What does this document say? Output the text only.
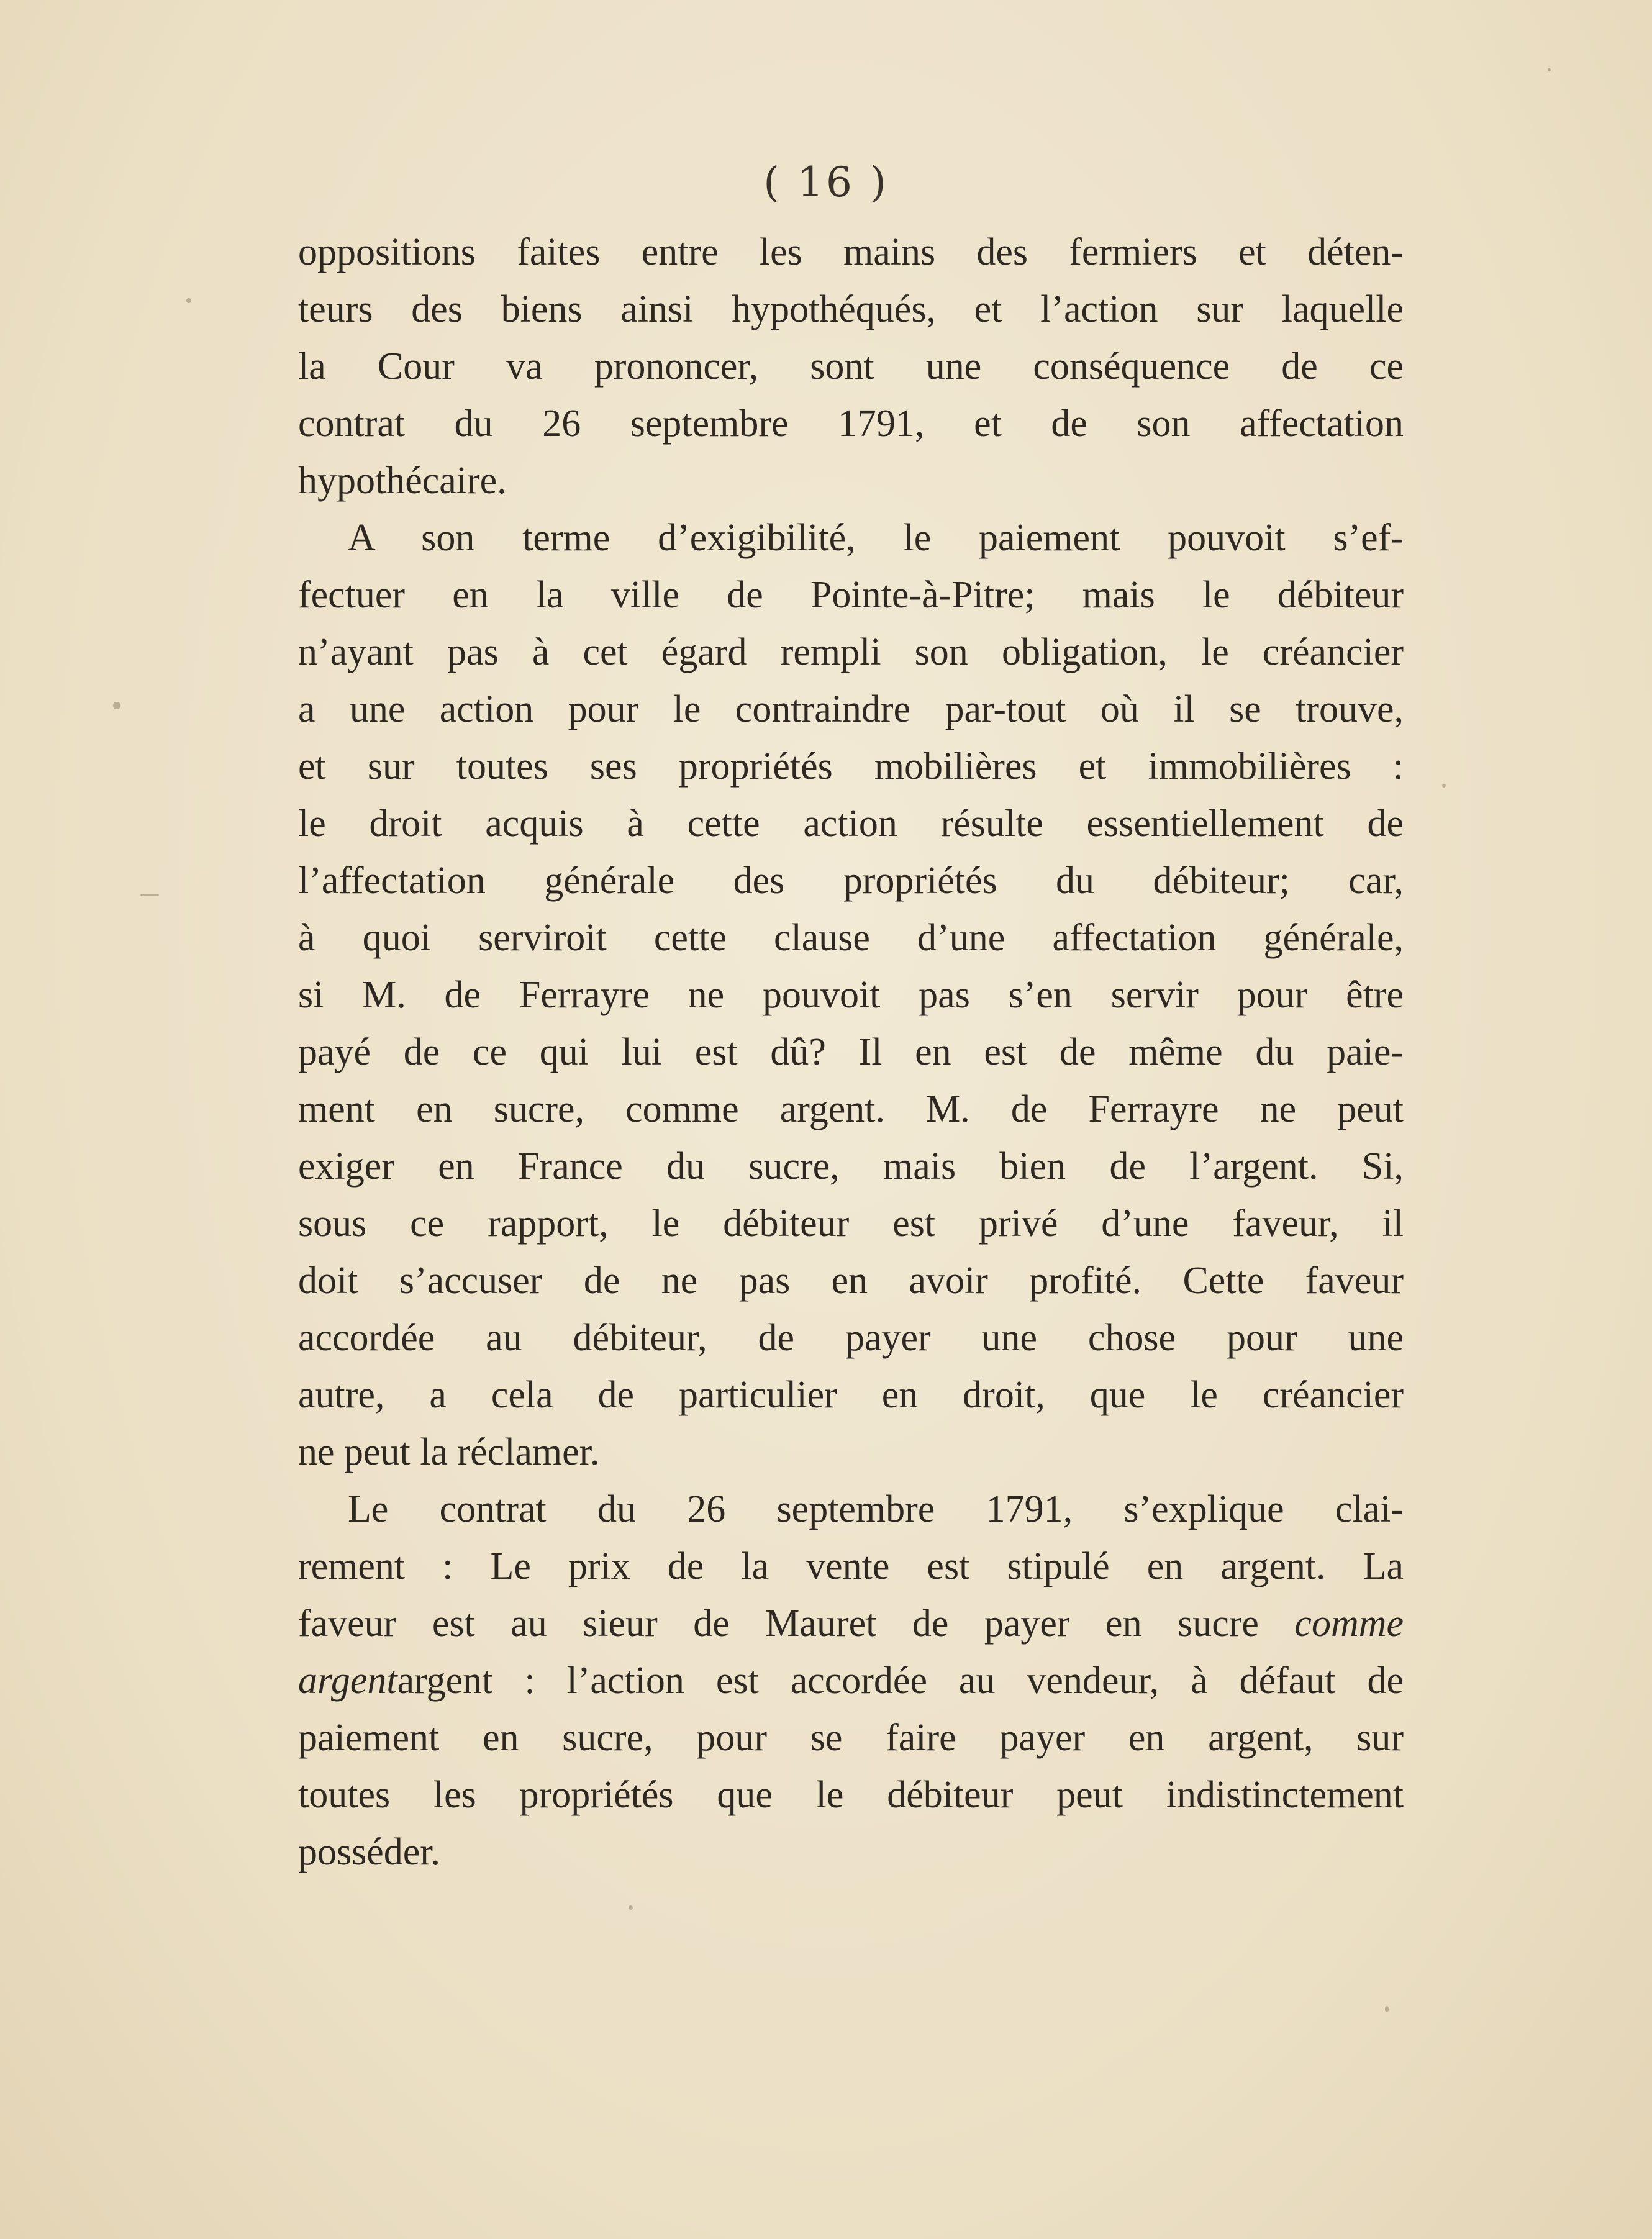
( 16 )
oppositions faites entre les mains des fermiers et déten-
teurs des biens ainsi hypothéqués, et l’action sur laquelle
la Cour va prononcer, sont une conséquence de ce
contrat du 26 septembre 1791, et de son affectation
hypothécaire.
A son terme d’exigibilité, le paiement pouvoit s’ef-
fectuer en la ville de Pointe-à-Pitre; mais le débiteur
n’ayant pas à cet égard rempli son obligation, le créancier
a une action pour le contraindre par-tout où il se trouve,
et sur toutes ses propriétés mobilières et immobilières :
le droit acquis à cette action résulte essentiellement de
l’affectation générale des propriétés du débiteur; car,
à quoi serviroit cette clause d’une affectation générale,
si M. de Ferrayre ne pouvoit pas s’en servir pour être
payé de ce qui lui est dû? Il en est de même du paie-
ment en sucre, comme argent. M. de Ferrayre ne peut
exiger en France du sucre, mais bien de l’argent. Si,
sous ce rapport, le débiteur est privé d’une faveur, il
doit s’accuser de ne pas en avoir profité. Cette faveur
accordée au débiteur, de payer une chose pour une
autre, a cela de particulier en droit, que le créancier
ne peut la réclamer.
Le contrat du 26 septembre 1791, s’explique clai-
rement : Le prix de la vente est stipulé en argent. La
faveur est au sieur de Mauret de payer en sucre comme
argentargent : l’action est accordée au vendeur, à défaut de
paiement en sucre, pour se faire payer en argent, sur
toutes les propriétés que le débiteur peut indistinctement
posséder.
